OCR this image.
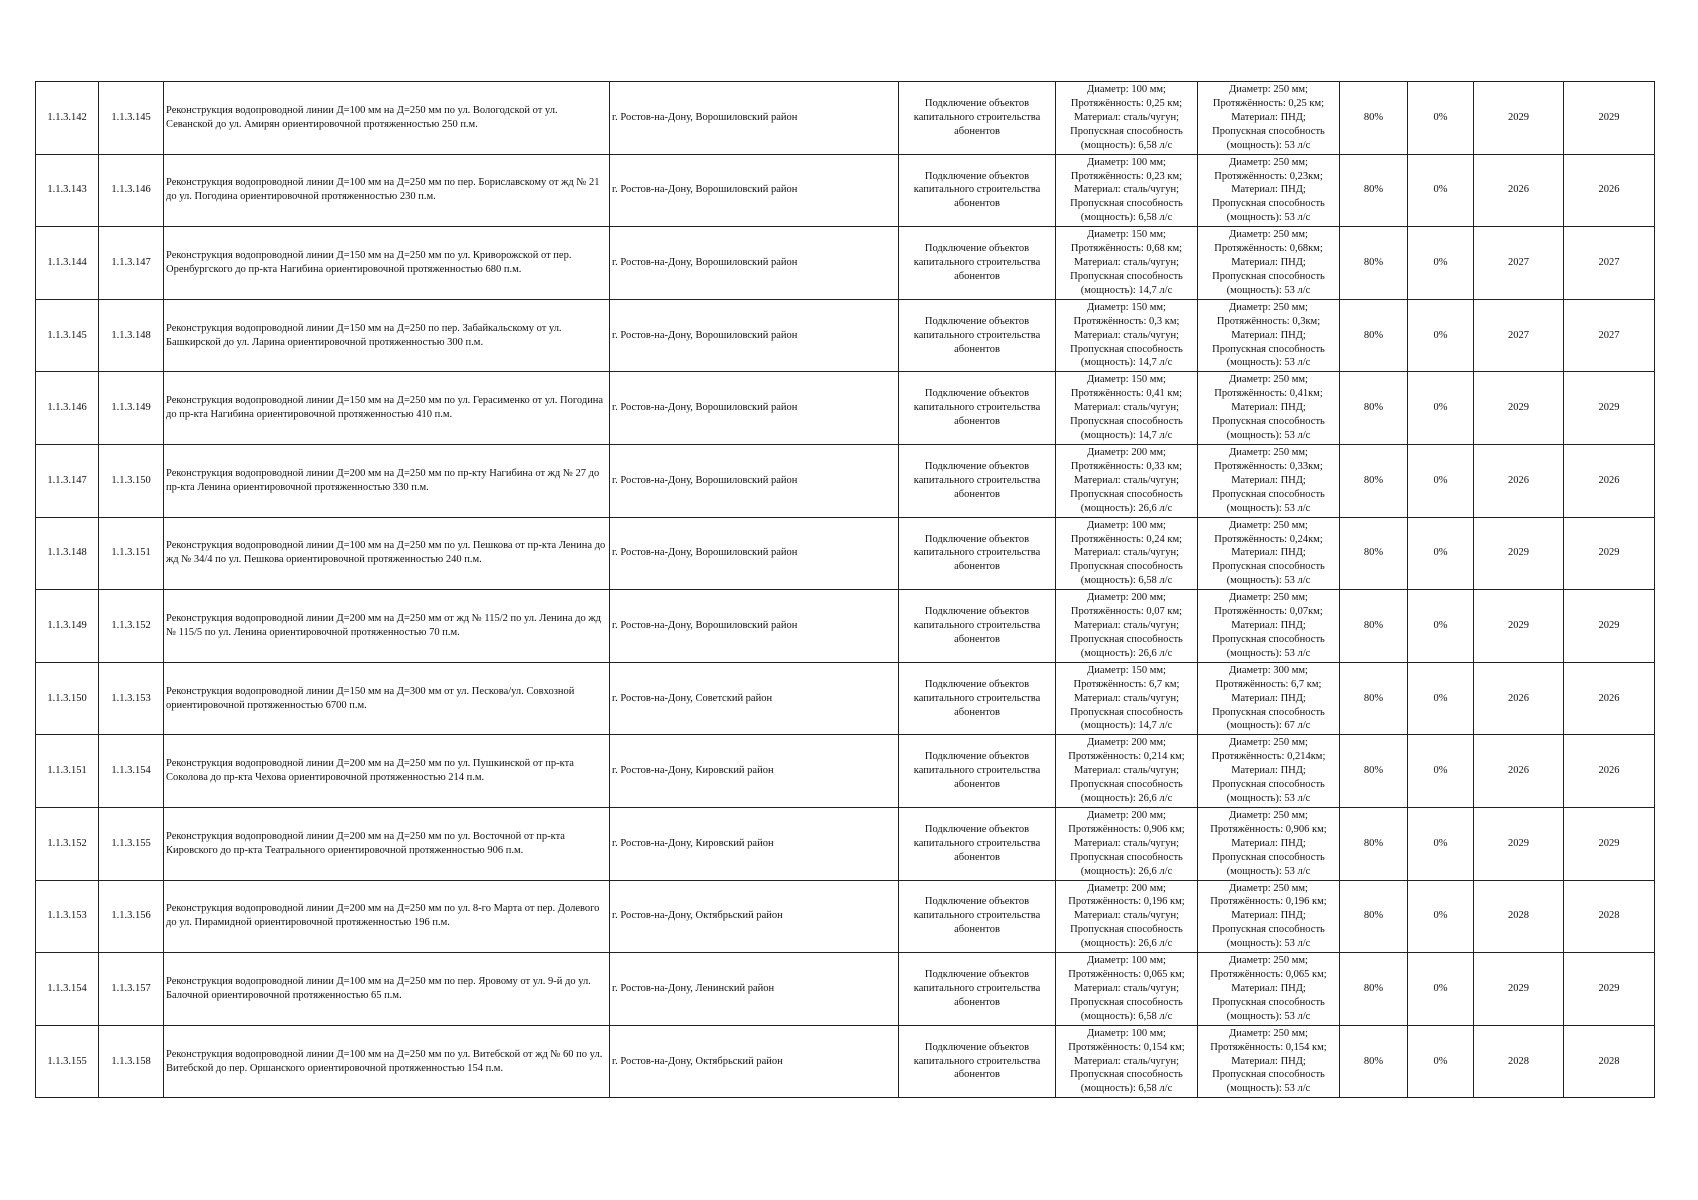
1.1.3.142	1.1.3.145	Реконструкция водопроводной линии Д=100 мм на Д=250 мм по ул. Вологодской от ул. Севанской до ул. Амирян ориентировочной протяженностью 250 п.м.	г. Ростов-на-Дону, Ворошиловский район	Подключение объектов капитального строительства абонентов	Диаметр: 100 мм;
Протяжённость: 0,25 км;
Материал: сталь/чугун;
Пропускная способность
(мощность): 6,58 л/с	Диаметр: 250 мм;
Протяжённость: 0,25 км;
Материал: ПНД;
Пропускная способность
(мощность): 53 л/с	80%	0%	2029	2029
1.1.3.143	1.1.3.146	Реконструкция водопроводной линии Д=100 мм на Д=250 мм по пер. Бориславскому от жд № 21 до ул. Погодина ориентировочной протяженностью 230 п.м.	г. Ростов-на-Дону, Ворошиловский район	Подключение объектов капитального строительства абонентов	Диаметр: 100 мм;
Протяжённость: 0,23 км;
Материал: сталь/чугун;
Пропускная способность
(мощность): 6,58 л/с	Диаметр: 250 мм;
Протяжённость: 0,23км;
Материал: ПНД;
Пропускная способность
(мощность): 53 л/с	80%	0%	2026	2026
1.1.3.144	1.1.3.147	Реконструкция водопроводной линии Д=150 мм на Д=250 мм по ул. Криворожской от пер. Оренбургского до пр-кта Нагибина ориентировочной протяженностью 680 п.м.	г. Ростов-на-Дону, Ворошиловский район	Подключение объектов капитального строительства абонентов	Диаметр: 150 мм;
Протяжённость: 0,68 км;
Материал: сталь/чугун;
Пропускная способность
(мощность): 14,7 л/с	Диаметр: 250 мм;
Протяжённость: 0,68км;
Материал: ПНД;
Пропускная способность
(мощность): 53 л/с	80%	0%	2027	2027
1.1.3.145	1.1.3.148	Реконструкция водопроводной линии Д=150 мм на Д=250 по пер. Забайкальскому от ул. Башкирской до ул. Ларина ориентировочной протяженностью 300 п.м.	г. Ростов-на-Дону, Ворошиловский район	Подключение объектов капитального строительства абонентов	Диаметр: 150 мм;
Протяжённость: 0,3 км;
Материал: сталь/чугун;
Пропускная способность
(мощность): 14,7 л/с	Диаметр: 250 мм;
Протяжённость: 0,3км;
Материал: ПНД;
Пропускная способность
(мощность): 53 л/с	80%	0%	2027	2027
1.1.3.146	1.1.3.149	Реконструкция водопроводной линии Д=150 мм на Д=250 мм по ул. Герасименко от ул. Погодина до пр-кта Нагибина ориентировочной протяженностью 410 п.м.	г. Ростов-на-Дону, Ворошиловский район	Подключение объектов капитального строительства абонентов	Диаметр: 150 мм;
Протяжённость: 0,41 км;
Материал: сталь/чугун;
Пропускная способность
(мощность): 14,7 л/с	Диаметр: 250 мм;
Протяжённость: 0,41км;
Материал: ПНД;
Пропускная способность
(мощность): 53 л/с	80%	0%	2029	2029
1.1.3.147	1.1.3.150	Реконструкция водопроводной линии Д=200 мм на Д=250 мм по пр-кту Нагибина от жд № 27 до пр-кта Ленина ориентировочной протяженностью 330 п.м.	г. Ростов-на-Дону, Ворошиловский район	Подключение объектов капитального строительства абонентов	Диаметр: 200 мм;
Протяжённость: 0,33 км;
Материал: сталь/чугун;
Пропускная способность
(мощность): 26,6 л/с	Диаметр: 250 мм;
Протяжённость: 0,33км;
Материал: ПНД;
Пропускная способность
(мощность): 53 л/с	80%	0%	2026	2026
1.1.3.148	1.1.3.151	Реконструкция водопроводной линии Д=100 мм на Д=250 мм по ул. Пешкова от пр-кта Ленина до жд № 34/4 по ул. Пешкова ориентировочной протяженностью 240 п.м.	г. Ростов-на-Дону, Ворошиловский район	Подключение объектов капитального строительства абонентов	Диаметр: 100 мм;
Протяжённость: 0,24 км;
Материал: сталь/чугун;
Пропускная способность
(мощность): 6,58 л/с	Диаметр: 250 мм;
Протяжённость: 0,24км;
Материал: ПНД;
Пропускная способность
(мощность): 53 л/с	80%	0%	2029	2029
1.1.3.149	1.1.3.152	Реконструкция водопроводной линии Д=200 мм на Д=250 мм от жд № 115/2 по ул. Ленина до жд № 115/5 по ул. Ленина ориентировочной протяженностью 70 п.м.	г. Ростов-на-Дону, Ворошиловский район	Подключение объектов капитального строительства абонентов	Диаметр: 200 мм;
Протяжённость: 0,07 км;
Материал: сталь/чугун;
Пропускная способность
(мощность): 26,6 л/с	Диаметр: 250 мм;
Протяжённость: 0,07км;
Материал: ПНД;
Пропускная способность
(мощность): 53 л/с	80%	0%	2029	2029
1.1.3.150	1.1.3.153	Реконструкция водопроводной линии Д=150 мм на Д=300 мм от ул. Пескова/ул. Совхозной ориентировочной протяженностью 6700 п.м.	г. Ростов-на-Дону, Советский район	Подключение объектов капитального строительства абонентов	Диаметр: 150 мм;
Протяжённость: 6,7 км;
Материал: сталь/чугун;
Пропускная способность
(мощность): 14,7 л/с	Диаметр: 300 мм;
Протяжённость: 6,7 км;
Материал: ПНД;
Пропускная способность
(мощность): 67 л/с	80%	0%	2026	2026
1.1.3.151	1.1.3.154	Реконструкция водопроводной линии Д=200 мм на Д=250 мм по ул. Пушкинской от пр-кта Соколова до пр-кта Чехова ориентировочной протяженностью 214 п.м.	г. Ростов-на-Дону, Кировский район	Подключение объектов капитального строительства абонентов	Диаметр: 200 мм;
Протяжённость: 0,214 км;
Материал: сталь/чугун;
Пропускная способность
(мощность): 26,6 л/с	Диаметр: 250 мм;
Протяжённость: 0,214км;
Материал: ПНД;
Пропускная способность
(мощность): 53 л/с	80%	0%	2026	2026
1.1.3.152	1.1.3.155	Реконструкция водопроводной линии Д=200 мм на Д=250 мм по ул. Восточной от пр-кта Кировского до пр-кта Театрального ориентировочной протяженностью 906 п.м.	г. Ростов-на-Дону, Кировский район	Подключение объектов капитального строительства абонентов	Диаметр: 200 мм;
Протяжённость: 0,906 км;
Материал: сталь/чугун;
Пропускная способность
(мощность): 26,6 л/с	Диаметр: 250 мм;
Протяжённость: 0,906 км;
Материал: ПНД;
Пропускная способность
(мощность): 53 л/с	80%	0%	2029	2029
1.1.3.153	1.1.3.156	Реконструкция водопроводной линии Д=200 мм на Д=250 мм по ул. 8-го Марта от пер. Долевого до ул. Пирамидной ориентировочной протяженностью 196 п.м.	г. Ростов-на-Дону, Октябрьский район	Подключение объектов капитального строительства абонентов	Диаметр: 200 мм;
Протяжённость: 0,196 км;
Материал: сталь/чугун;
Пропускная способность
(мощность): 26,6 л/с	Диаметр: 250 мм;
Протяжённость: 0,196 км;
Материал: ПНД;
Пропускная способность
(мощность): 53 л/с	80%	0%	2028	2028
1.1.3.154	1.1.3.157	Реконструкция водопроводной линии Д=100 мм на Д=250 мм по пер. Яровому от ул. 9-й до ул. Балочной ориентировочной протяженностью 65 п.м.	г. Ростов-на-Дону, Ленинский район	Подключение объектов капитального строительства абонентов	Диаметр: 100 мм;
Протяжённость: 0,065 км;
Материал: сталь/чугун;
Пропускная способность
(мощность): 6,58 л/с	Диаметр: 250 мм;
Протяжённость: 0,065 км;
Материал: ПНД;
Пропускная способность
(мощность): 53 л/с	80%	0%	2029	2029
1.1.3.155	1.1.3.158	Реконструкция водопроводной линии Д=100 мм на Д=250 мм по ул. Витебской от жд № 60 по ул. Витебской до пер. Оршанского ориентировочной протяженностью 154 п.м.	г. Ростов-на-Дону, Октябрьский район	Подключение объектов капитального строительства абонентов	Диаметр: 100 мм;
Протяжённость: 0,154 км;
Материал: сталь/чугун;
Пропускная способность
(мощность): 6,58 л/с	Диаметр: 250 мм;
Протяжённость: 0,154 км;
Материал: ПНД;
Пропускная способность
(мощность): 53 л/с	80%	0%	2028	2028
